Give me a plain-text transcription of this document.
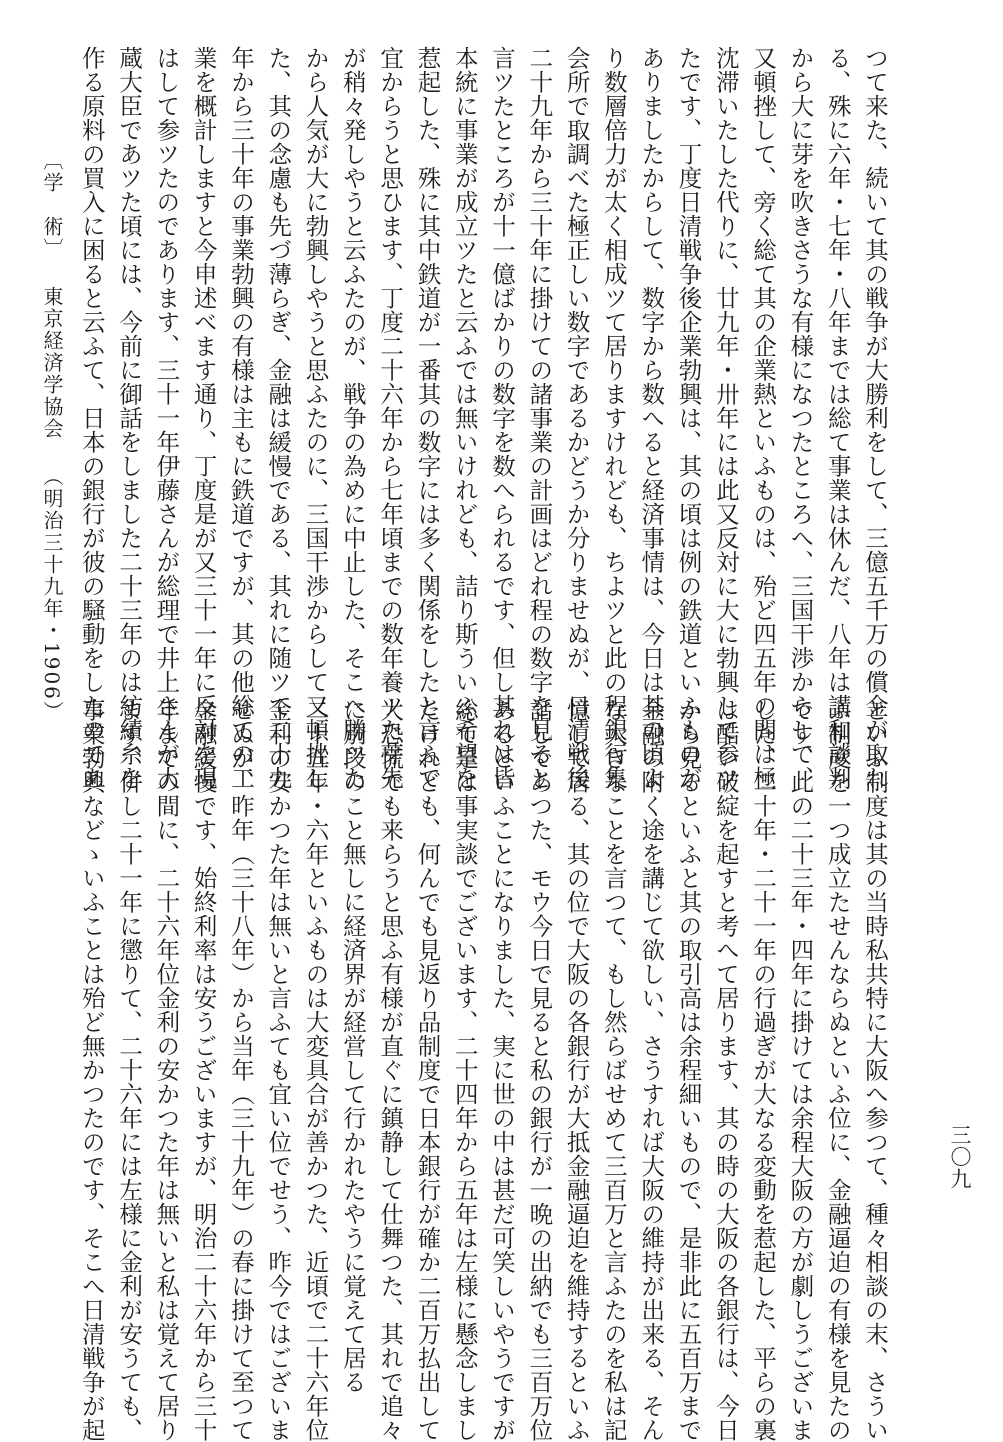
つて来た、続いて其の戦争が大勝利をして、三億五千万の償金が取れ
る、殊に六年・七年・八年までは総て事業は休んだ、八年は講和談判
から大に芽を吹きさうな有様になつたところへ、三国干渉からして、
又頓挫して、旁く総て其の企業熱といふものは、殆ど四五年の間は極
沈滞いたした代りに、廿九年・卅年には此又反対に大に勃興して参ツ
たです、丁度日清戦争後企業勃興は、其の頃は例の鉄道といふものが
ありましたからして、数字から数へると経済事情は、今日は其の頃よ
り数層倍力が太く相成ツて居りますけれども、ちよツと此の程銀行集
会所で取調べた極正しい数字であるかどうか分りませぬが、日清戦後
二十九年から三十年に掛けての諸事業の計画はどれ程の数字を見ると
言ツたところが十一億ばかりの数字を数へられるです、但し其れは皆
本統に事業が成立ツたと云ふでは無いけれども、詰り斯ういふ希望を
惹起した、殊に其中鉄道が一番其の数字には多く関係をしたと言ふて
宜からうと思ひます、丁度二十六年から七年頃までの数年養ツた芽先
が稍々発しやうと云ふたのが、戦争の為めに中止した、そこへ勝ツた
から人気が大に勃興しやうと思ふたのに、三国干渉からして又頓挫し
た、其の念慮も先づ薄らぎ、金融は緩慢である、其れに随ツて二十九
年から三十年の事業勃興の有様は主もに鉄道ですが、其の他総ての工
業を概計しますと今申述べます通り、丁度是が又三十一年に反対を現
はして参ツたのであります、三十一年伊藤さんが総理で井上さんが大
蔵大臣であツた頃には、今前に御話をしました二十三年のは紡績糸を
作る原料の買入に困ると云ふて、日本の銀行が彼の騒動をしたのであ
といふ制度は其の当時私共特に大阪へ参つて、種々相談の末、さうい
ふ制度を一つ成立たせんならぬといふ位に、金融逼迫の有様を見たの
です、此の二十三年・四年に掛けては余程大阪の方が劇しうございま
した、二十年・二十一年の行過ぎが大なる変動を惹起した、平らの裏
は酷い破綻を起すと考へて居ります、其の時の大阪の各銀行は、今日
から見るといふと其の取引高は余程細いもので、是非此に五百万まで
金融の附く途を講じて欲しい、さうすれば大阪の維持が出来る、そん
な大きなことを言つて、もし然らばせめて三百万と言ふたのを私は記
憶して居る、其の位で大阪の各銀行が大抵金融逼迫を維持するといふ
話しであつた、モウ今日で見ると私の銀行が一晩の出納でも三百万位
あるといふことになりました、実に世の中は甚だ可笑しいやうですが
総て是は事実談でございます、二十四年から五年は左様に懸念しまし
たけれども、何んでも見返り品制度で日本銀行が確か二百万払出して
大恐慌でも来らうと思ふ有様が直ぐに鎮静して仕舞つた、其れで追々
に別段のこと無しに経済界が経営して行かれたやうに覚えて居る
二十五年・六年といふものは大変具合が善かつた、近頃で二十六年位
金利の安かつた年は無いと言ふても宜い位でせう、昨今ではございま
せぬが、昨年（三十八年）から当年（三十九年）の春に掛けて至つて
金融緩慢です、始終利率は安うございますが、明治二十六年から三十
年までの間に、二十六年位金利の安かつた年は無いと私は覚えて居り
ます、併し二十一年に懲りて、二十六年には左様に金利が安うても、
事業勃興などゝいふことは殆ど無かつたのです、そこへ日清戦争が起
〔学　術〕東京経済学協会（明治三十九年・1906）
三〇九
